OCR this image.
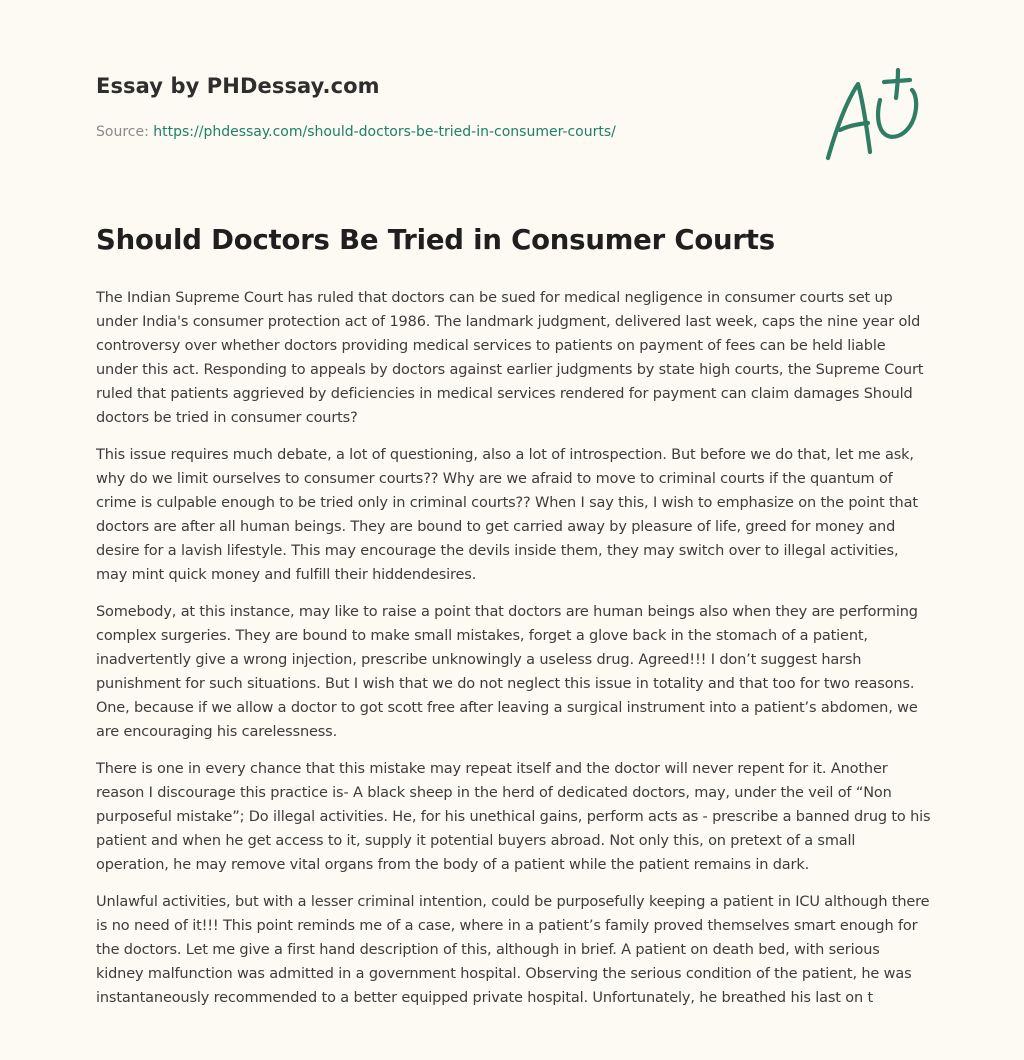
Essay by PHDessay.com
Source: https://phdessay.com/should-doctors-be-tried-in-consumer-courts/
Should Doctors Be Tried in Consumer Courts

The Indian Supreme Court has ruled that doctors can be sued for medical negligence in consumer courts set up under India's consumer protection act of 1986. The landmark judgment, delivered last week, caps the nine year old controversy over whether doctors providing medical services to patients on payment of fees can be held liable under this act. Responding to appeals by doctors against earlier judgments by state high courts, the Supreme Court ruled that patients aggrieved by deficiencies in medical services rendered for payment can claim damages Should doctors be tried in consumer courts?

This issue requires much debate, a lot of questioning, also a lot of introspection. But before we do that, let me ask, why do we limit ourselves to consumer courts?? Why are we afraid to move to criminal courts if the quantum of crime is culpable enough to be tried only in criminal courts?? When I say this, I wish to emphasize on the point that doctors are after all human beings. They are bound to get carried away by pleasure of life, greed for money and desire for a lavish lifestyle. This may encourage the devils inside them, they may switch over to illegal activities, may mint quick money and fulfill their hiddendesires.

Somebody, at this instance, may like to raise a point that doctors are human beings also when they are performing complex surgeries. They are bound to make small mistakes, forget a glove back in the stomach of a patient, inadvertently give a wrong injection, prescribe unknowingly a useless drug. Agreed!!! I don’t suggest harsh punishment for such situations. But I wish that we do not neglect this issue in totality and that too for two reasons. One, because if we allow a doctor to got scott free after leaving a surgical instrument into a patient’s abdomen, we are encouraging his carelessness.

There is one in every chance that this mistake may repeat itself and the doctor will never repent for it. Another reason I discourage this practice is- A black sheep in the herd of dedicated doctors, may, under the veil of “Non purposeful mistake”; Do illegal activities. He, for his unethical gains, perform acts as - prescribe a banned drug to his patient and when he get access to it, supply it potential buyers abroad. Not only this, on pretext of a small operation, he may remove vital organs from the body of a patient while the patient remains in dark.

Unlawful activities, but with a lesser criminal intention, could be purposefully keeping a patient in ICU although there is no need of it!!! This point reminds me of a case, where in a patient’s family proved themselves smart enough for the doctors. Let me give a first hand description of this, although in brief. A patient on death bed, with serious kidney malfunction was admitted in a government hospital. Observing the serious condition of the patient, he was instantaneously recommended to a better equipped private hospital. Unfortunately, he breathed his last on t
